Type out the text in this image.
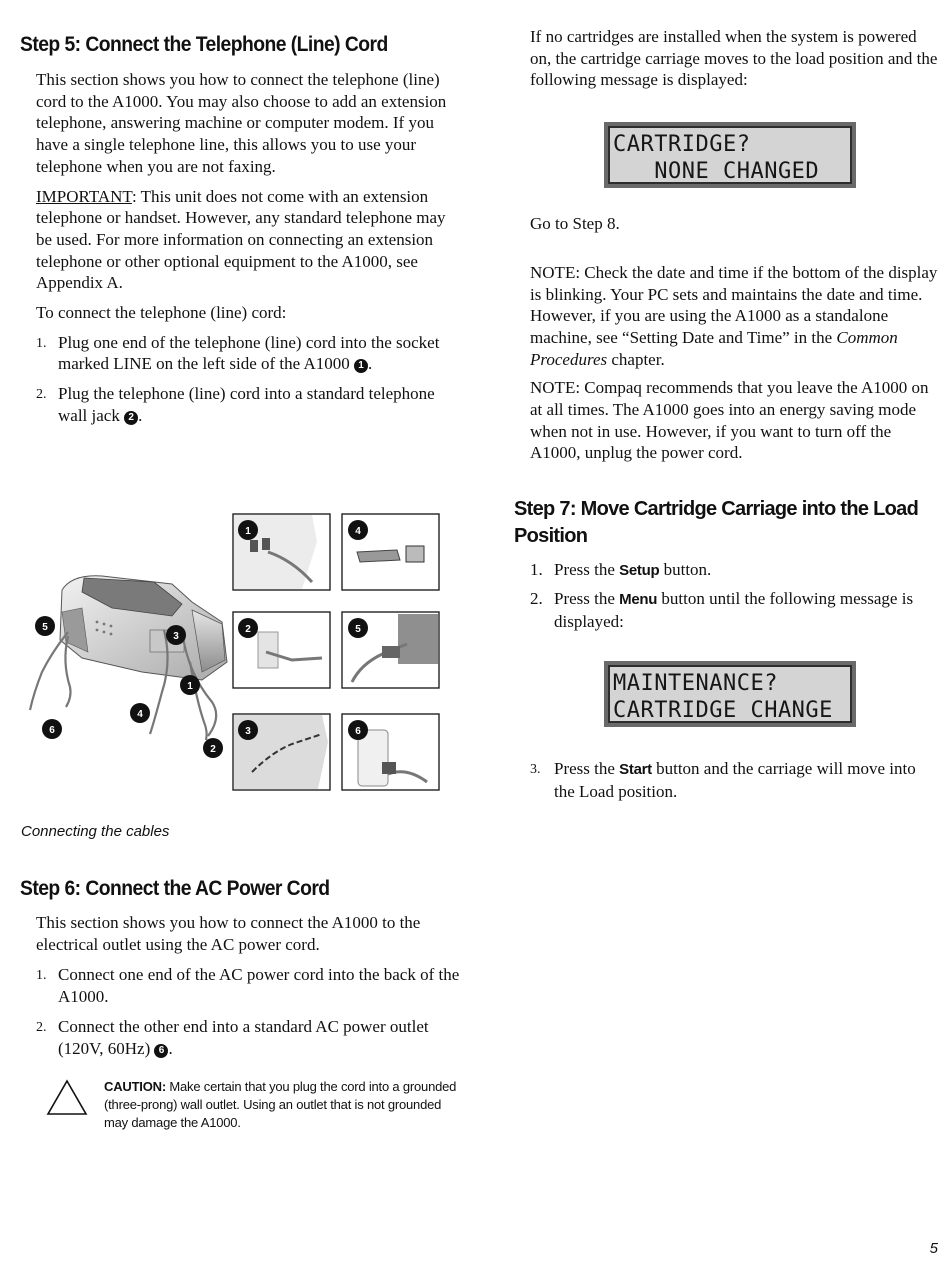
Step 5: Connect the Telephone (Line) Cord

This section shows you how to connect the telephone (line) cord to the A1000. You may also choose to add an extension telephone, answering machine or computer modem. If you have a single telephone line, this allows you to use your telephone when you are not faxing.

IMPORTANT: This unit does not come with an extension telephone or handset. However, any standard telephone may be used. For more information on connecting an extension telephone or other optional equipment to the A1000, see Appendix A.

To connect the telephone (line) cord:

1. Plug one end of the telephone (line) cord into the socket marked LINE on the left side of the A1000 1 .
2. Plug the telephone (line) cord into a standard telephone wall jack 2 .
1	4
2	5
3	6
5
3
1
4
6
2
Connecting the cables
Step 6: Connect the AC Power Cord

This section shows you how to connect the A1000 to the electrical outlet using the AC power cord.

1. Connect one end of the AC power cord into the back of the A1000.
2. Connect the other end into a standard AC power outlet (120V, 60Hz) 6 .
CAUTION: Make certain that you plug the cord into a grounded (three-prong) wall outlet. Using an outlet that is not grounded may damage the A1000.

If no cartridges are installed when the system is powered on, the cartridge carriage moves to the load position and the following message is displayed:

CARTRIDGE?
NONE CHANGED

Go to Step 8.

NOTE: Check the date and time if the bottom of the display is blinking. Your PC sets and maintains the date and time. However, if you are using the A1000 as a standalone machine, see “Setting Date and Time” in the Common Procedures chapter.

NOTE: Compaq recommends that you leave the A1000 on at all times. The A1000 goes into an energy saving mode when not in use. However, if you want to turn off the A1000, unplug the power cord.

Step 7: Move Cartridge Carriage into the Load Position
1. Press the Setup button.
2. Press the Menu button until the following message is displayed:
MAINTENANCE?
CARTRIDGE CHANGE
3. Press the Start button and the carriage will move into the Load position.
5
